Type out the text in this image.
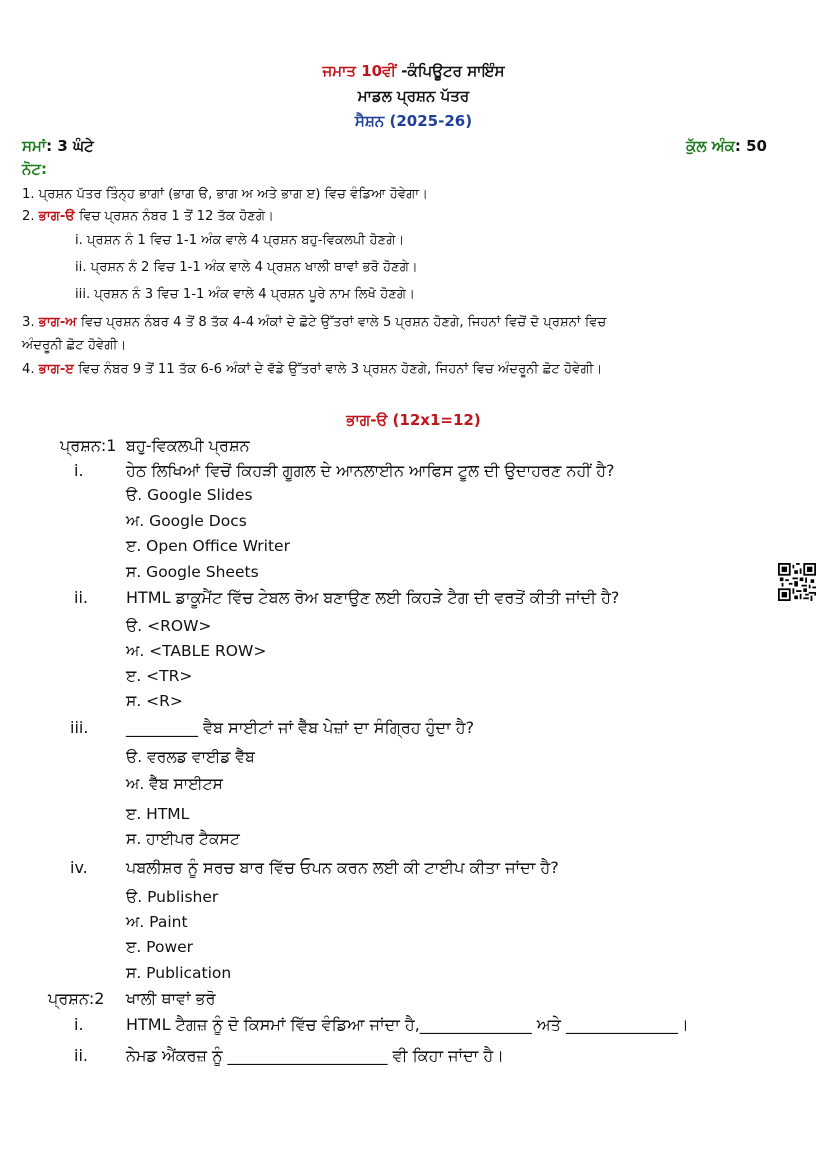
ਜਮਾਤ 10ਵੀਂ -ਕੰਪਿਊਟਰ ਸਾਇੰਸ
ਮਾਡਲ ਪ੍ਰਸ਼ਨ ਪੱਤਰ
ਸੈਸ਼ਨ (2025-26)
ਸਮਾਂ: 3 ਘੰਟੇ	ਕੁੱਲ ਅੰਕ: 50
ਨੋਟ:
1. ਪ੍ਰਸ਼ਨ ਪੱਤਰ ਤਿੰਨ੍ਹ ਭਾਗਾਂ (ਭਾਗ ੳ, ਭਾਗ ਅ ਅਤੇ ਭਾਗ ੲ) ਵਿਚ ਵੰਡਿਆ ਹੋਵੇਗਾ।
2. ਭਾਗ-ੳ ਵਿਚ ਪ੍ਰਸ਼ਨ ਨੰਬਰ 1 ਤੋਂ 12 ਤੱਕ ਹੋਣਗੇ।
i. ਪ੍ਰਸ਼ਨ ਨੰ 1 ਵਿਚ 1-1 ਅੰਕ ਵਾਲੇ 4 ਪ੍ਰਸ਼ਨ ਬਹੁ-ਵਿਕਲਪੀ ਹੋਣਗੇ।
ii. ਪ੍ਰਸ਼ਨ ਨੰ 2 ਵਿਚ 1-1 ਅੰਕ ਵਾਲੇ 4 ਪ੍ਰਸ਼ਨ ਖਾਲੀ ਥਾਵਾਂ ਭਰੋ ਹੋਣਗੇ।
iii. ਪ੍ਰਸ਼ਨ ਨੰ 3 ਵਿਚ 1-1 ਅੰਕ ਵਾਲੇ 4 ਪ੍ਰਸ਼ਨ ਪੂਰੇ ਨਾਮ ਲਿਖੋ ਹੋਣਗੇ।
3. ਭਾਗ-ਅ ਵਿਚ ਪ੍ਰਸ਼ਨ ਨੰਬਰ 4 ਤੋਂ 8 ਤੱਕ 4-4 ਅੰਕਾਂ ਦੇ ਛੋਟੇ ਉੱਤਰਾਂ ਵਾਲੇ 5 ਪ੍ਰਸ਼ਨ ਹੋਣਗੇ, ਜਿਹਨਾਂ ਵਿਚੋਂ ਦੋ ਪ੍ਰਸ਼ਨਾਂ ਵਿਚ
ਅੰਦਰੂਨੀ ਛੋਟ ਹੋਵੇਗੀ।
4. ਭਾਗ-ੲ ਵਿਚ ਨੰਬਰ 9 ਤੋਂ 11 ਤੱਕ 6-6 ਅੰਕਾਂ ਦੇ ਵੱਡੇ ਉੱਤਰਾਂ ਵਾਲੇ 3 ਪ੍ਰਸ਼ਨ ਹੋਣਗੇ, ਜਿਹਨਾਂ ਵਿਚ ਅੰਦਰੂਨੀ ਛੋਟ ਹੋਵੇਗੀ।
ਭਾਗ-ੳ (12x1=12)
ਪ੍ਰਸ਼ਨ:1 ਬਹੁ-ਵਿਕਲਪੀ ਪ੍ਰਸ਼ਨ
i.	ਹੇਠ ਲਿਖਿਆਂ ਵਿਚੋਂ ਕਿਹੜੀ ਗੂਗਲ ਦੇ ਆਨਲਾਈਨ ਆਫਿਸ ਟੂਲ ਦੀ ਉਦਾਹਰਣ ਨਹੀਂ ਹੈ?
ੳ. Google Slides
ਅ. Google Docs
ੲ. Open Office Writer
ਸ. Google Sheets
ii. HTML ਡਾਕੂਮੈਂਟ ਵਿੱਚ ਟੇਬਲ ਰੋਅ ਬਣਾਉਣ ਲਈ ਕਿਹੜੇ ਟੈਗ ਦੀ ਵਰਤੋਂ ਕੀਤੀ ਜਾਂਦੀ ਹੈ?
ੳ. <ROW>
ਅ. <TABLE ROW>
ੲ. <TR>
ਸ. <R>
iii. _________ ਵੈਬ ਸਾਈਟਾਂ ਜਾਂ ਵੈੱਬ ਪੇਜ਼ਾਂ ਦਾ ਸੰਗ੍ਰਿਹ ਹੁੰਦਾ ਹੈ?
ੳ. ਵਰਲਡ ਵਾਈਡ ਵੈੱਬ
ਅ. ਵੈੱਬ ਸਾਈਟਸ
ੲ. HTML
ਸ. ਹਾਈਪਰ ਟੈਕਸਟ
iv. ਪਬਲੀਸ਼ਰ ਨੂੰ ਸਰਚ ਬਾਰ ਵਿੱਚ ਓਪਨ ਕਰਨ ਲਈ ਕੀ ਟਾਈਪ ਕੀਤਾ ਜਾਂਦਾ ਹੈ?
ੳ. Publisher
ਅ. Paint
ੲ. Power
ਸ. Publication
ਪ੍ਰਸ਼ਨ:2 ਖਾਲੀ ਥਾਵਾਂ ਭਰੋ
i.	HTML ਟੈਗਜ਼ ਨੂੰ ਦੋ ਕਿਸਮਾਂ ਵਿੱਚ ਵੰਡਿਆ ਜਾਂਦਾ ਹੈ,______________ ਅਤੇ ______________।
ii. ਨੇਮਡ ਐਂਕਰਜ਼ ਨੂੰ ____________________ ਵੀ ਕਿਹਾ ਜਾਂਦਾ ਹੈ।
